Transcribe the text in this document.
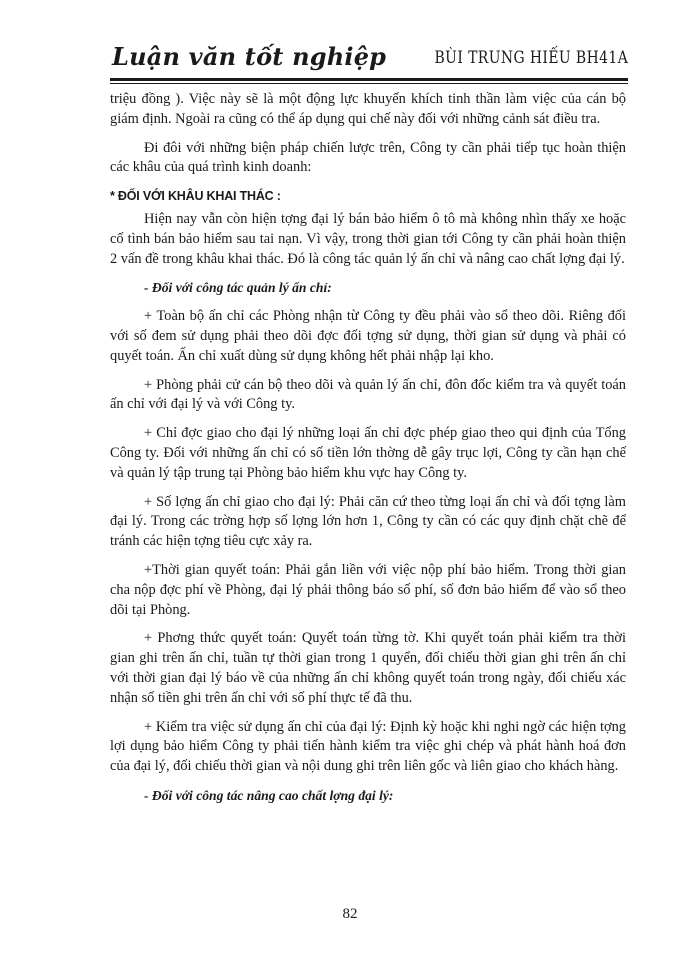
Luận văn tốt nghiệp	BÙI TRUNG HIẾU BH41A

triệu đồng ). Việc này sẽ là một động lực khuyến khích tinh thần làm việc của cán bộ giám định. Ngoài ra cũng có thể áp dụng qui chế này đối với những cảnh sát điều tra.

Đi đôi với những biện pháp chiến lược trên, Công ty cần phải tiếp tục hoàn thiện các khâu của quá trình kinh doanh:

* ĐỐI VỚI KHÂU KHAI THÁC :

Hiện nay vẫn còn hiện tợng đại lý bán bảo hiểm ô tô mà không nhìn thấy xe hoặc cố tình bán bảo hiểm sau tai nạn. Vì vậy, trong thời gian tới Công ty cần phải hoàn thiện 2 vấn đề trong khâu khai thác. Đó là công tác quản lý ấn chỉ và nâng cao chất lợng đại lý.

- Đối với công tác quản lý ấn chỉ:

+ Toàn bộ ấn chỉ các Phòng nhận từ Công ty đều phải vào sổ theo dõi. Riêng đối với số đem sử dụng phải theo dõi đợc đối tợng sử dụng, thời gian sử dụng và phải có quyết toán. Ấn chỉ xuất dùng sử dụng không hết phải nhập lại kho.

+ Phòng phải cử cán bộ theo dõi và quản lý ấn chỉ, đôn đốc kiểm tra và quyết toán ấn chỉ với đại lý và với Công ty.

+ Chỉ đợc giao cho đại lý những loại ấn chỉ đợc phép giao theo qui định của Tổng Công ty. Đối với những ấn chỉ có số tiền lớn thờng dễ gây trục lợi, Công ty cần hạn chế và quản lý tập trung tại Phòng bảo hiểm khu vực hay Công ty.

+ Số lợng ấn chỉ giao cho đại lý: Phải căn cứ theo từng loại ấn chỉ và đối tợng làm đại lý. Trong các trờng hợp số lợng lớn hơn 1, Công ty cần có các quy định chặt chẽ để tránh các hiện tợng tiêu cực xảy ra.

+Thời gian quyết toán: Phải gắn liền với việc nộp phí bảo hiểm. Trong thời gian cha nộp đợc phí về Phòng, đại lý phải thông báo số phí, số đơn bảo hiểm để vào sổ theo dõi tại Phòng.

+ Phơng thức quyết toán: Quyết toán từng tờ. Khi quyết toán phải kiểm tra thời gian ghi trên ấn chỉ, tuần tự thời gian trong 1 quyển, đối chiếu thời gian ghi trên ấn chỉ với thời gian đại lý báo về của những ấn chỉ không quyết toán trong ngày, đối chiếu xác nhận số tiền ghi trên ấn chỉ với số phí thực tế đã thu.

+ Kiểm tra việc sử dụng ấn chỉ của đại lý: Định kỳ hoặc khi nghi ngờ các hiện tợng lợi dụng bảo hiểm Công ty phải tiến hành kiểm tra việc ghi chép và phát hành hoá đơn của đại lý, đối chiếu thời gian và nội dung ghi trên liên gốc và liên giao cho khách hàng.

- Đối với công tác nâng cao chất lợng đại lý:

82
